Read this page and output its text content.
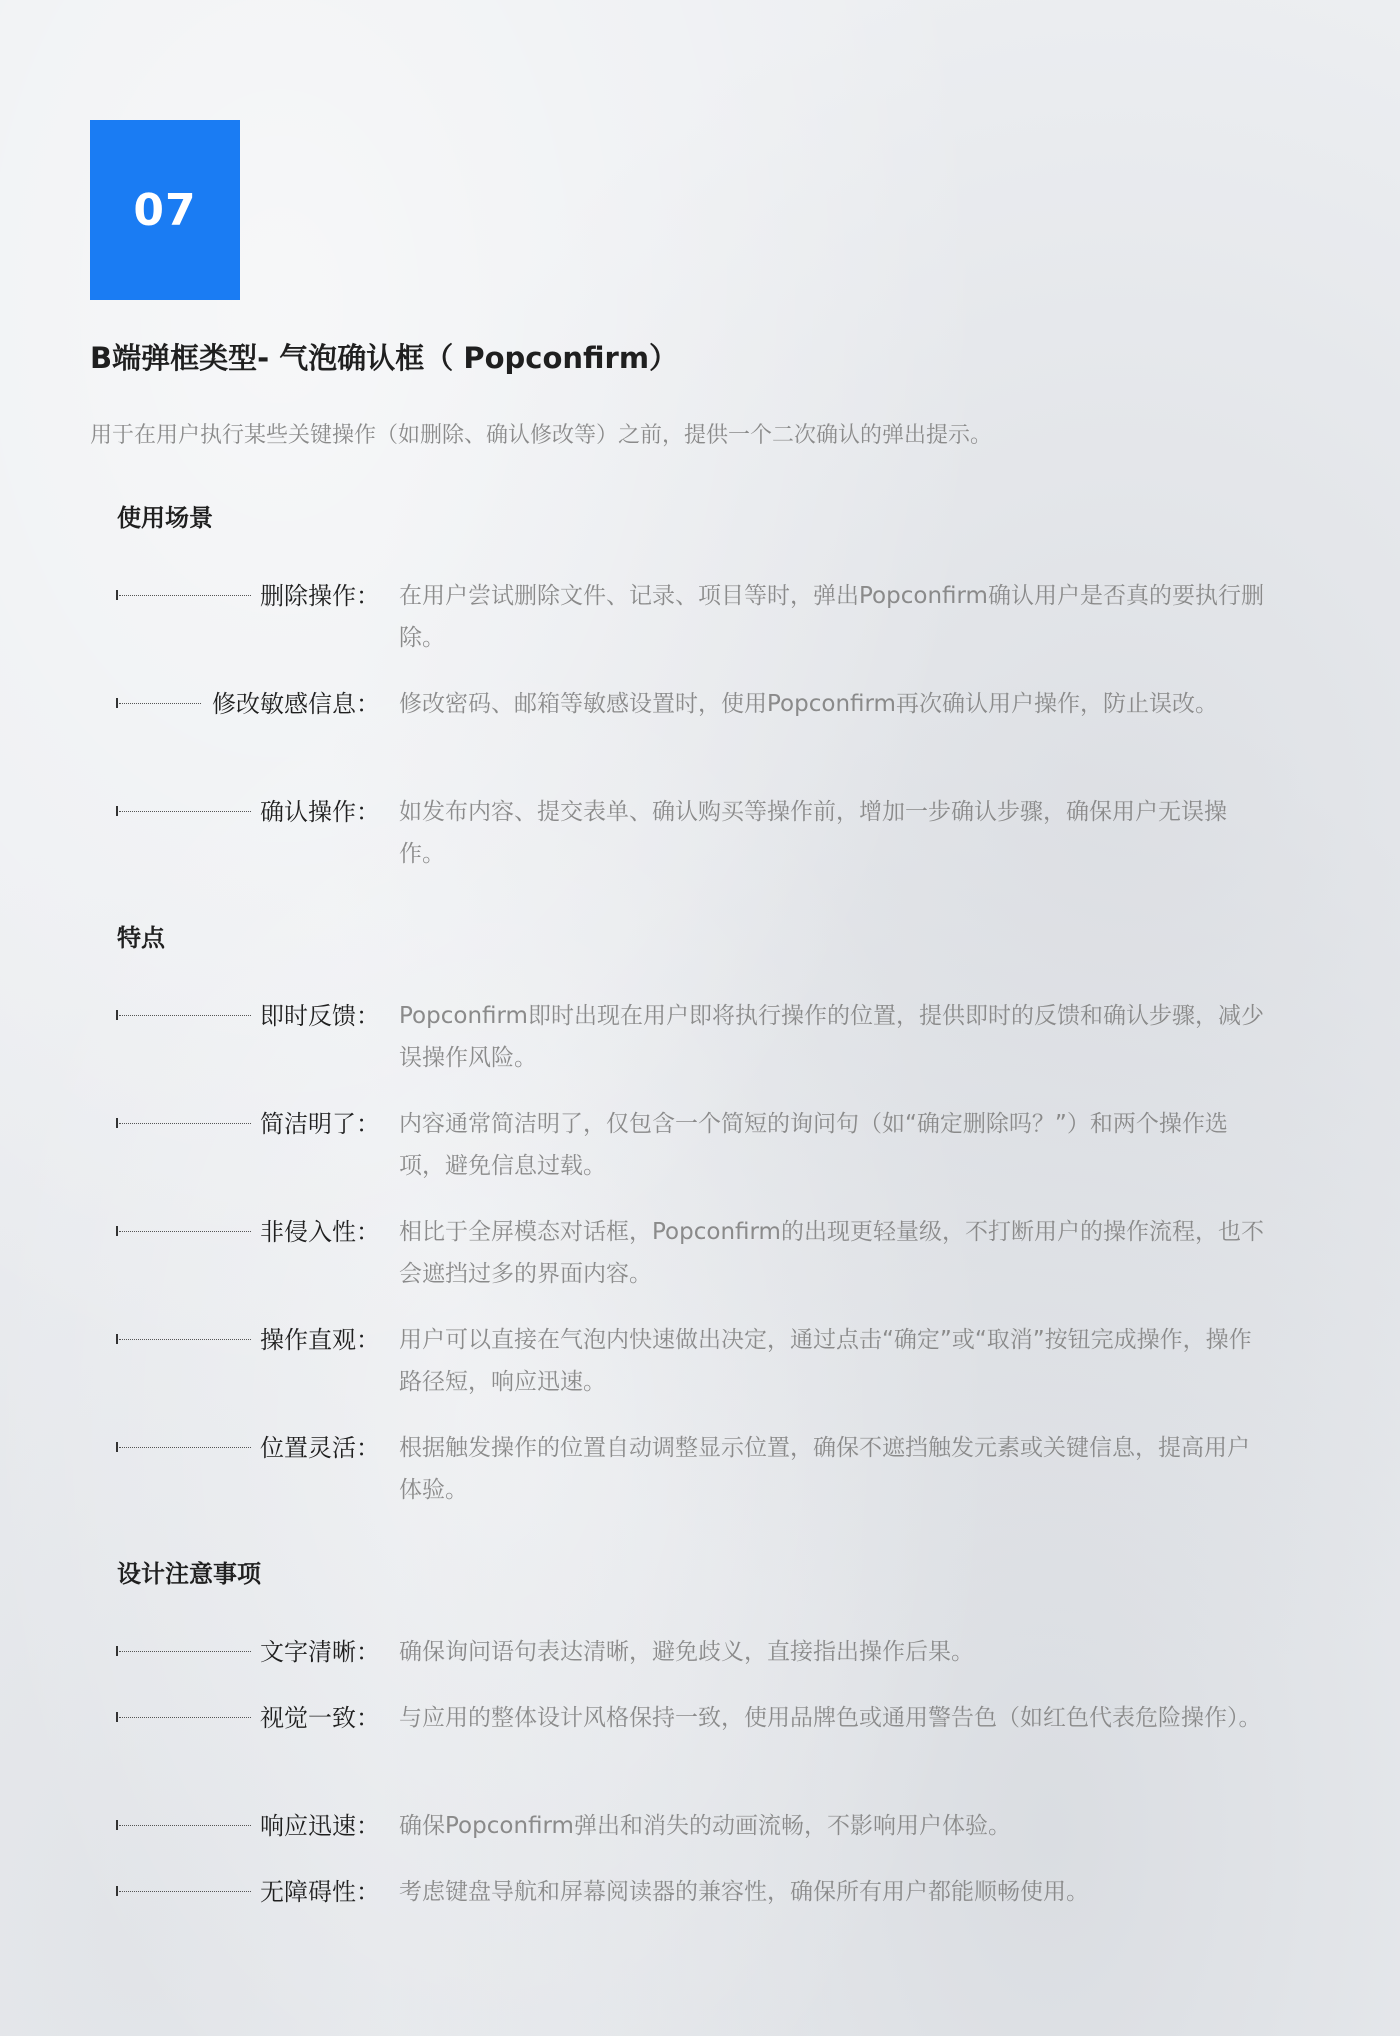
07
B端弹框类型- 气泡确认框（ Popconfirm）

用于在用户执行某些关键操作（如删除、确认修改等）之前，提供一个二次确认的弹出提示。

使用场景

删除操作： 在用户尝试删除文件、记录、项目等时，弹出Popconfirm确认用户是否真的要执行删除。

修改敏感信息： 修改密码、邮箱等敏感设置时，使用Popconfirm再次确认用户操作，防止误改。

确认操作： 如发布内容、提交表单、确认购买等操作前，增加一步确认步骤，确保用户无误操作。

特点

即时反馈： Popconfirm即时出现在用户即将执行操作的位置，提供即时的反馈和确认步骤，减少误操作风险。

简洁明了： 内容通常简洁明了，仅包含一个简短的询问句（如“确定删除吗？”）和两个操作选项，避免信息过载。

非侵入性： 相比于全屏模态对话框，Popconfirm的出现更轻量级，不打断用户的操作流程，也不会遮挡过多的界面内容。

操作直观： 用户可以直接在气泡内快速做出决定，通过点击“确定”或“取消”按钮完成操作，操作路径短，响应迅速。

位置灵活： 根据触发操作的位置自动调整显示位置，确保不遮挡触发元素或关键信息，提高用户体验。

设计注意事项

文字清晰： 确保询问语句表达清晰，避免歧义，直接指出操作后果。

视觉一致： 与应用的整体设计风格保持一致，使用品牌色或通用警告色（如红色代表危险操作）。

响应迅速： 确保Popconfirm弹出和消失的动画流畅，不影响用户体验。

无障碍性： 考虑键盘导航和屏幕阅读器的兼容性，确保所有用户都能顺畅使用。
